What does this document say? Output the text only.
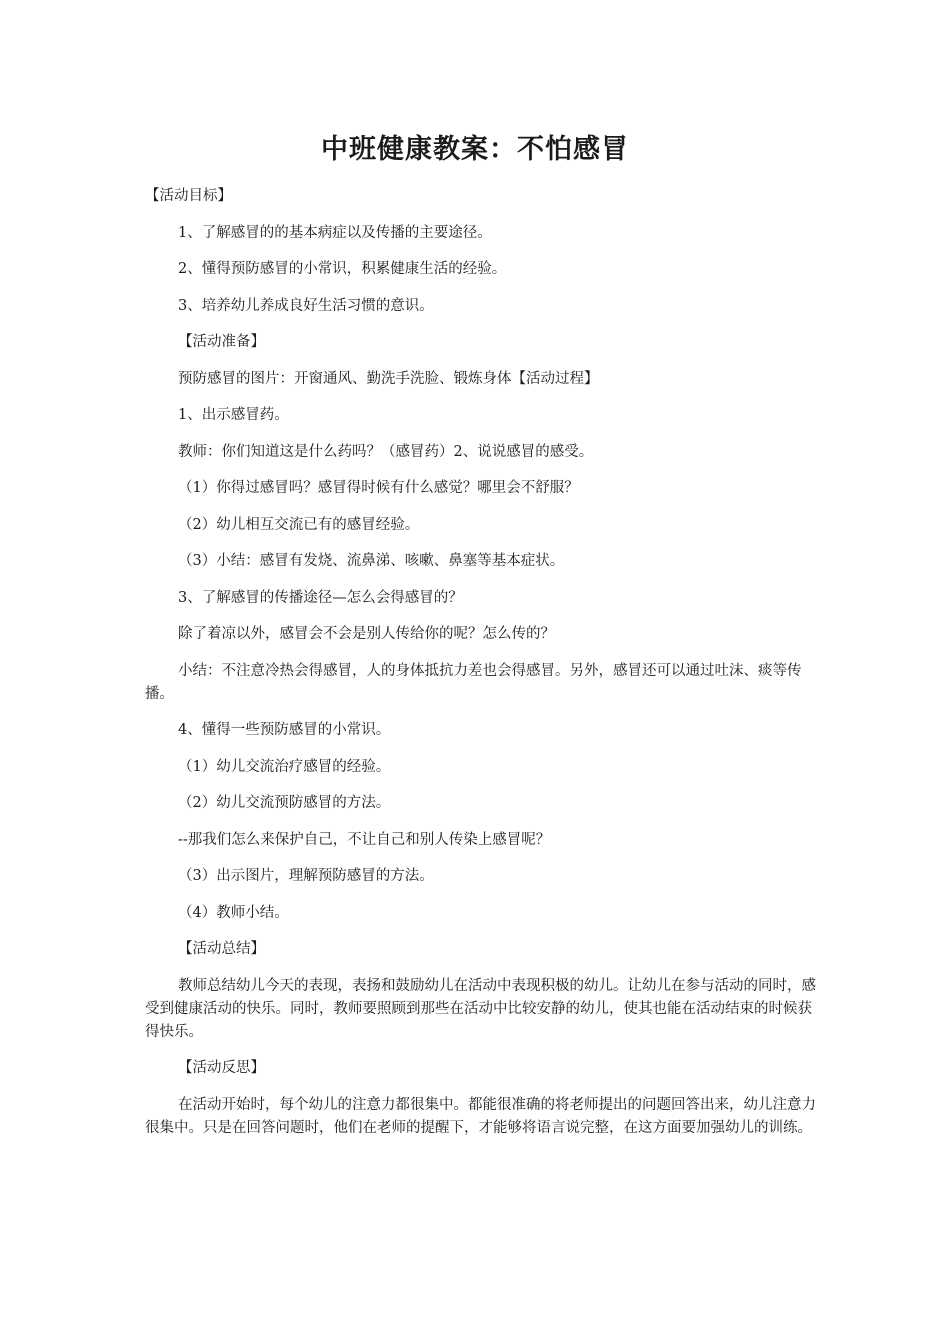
中班健康教案：不怕感冒

【活动目标】

1、了解感冒的的基本病症以及传播的主要途径。

2、懂得预防感冒的小常识，积累健康生活的经验。

3、培养幼儿养成良好生活习惯的意识。

【活动准备】

预防感冒的图片：开窗通风、勤洗手洗脸、锻炼身体【活动过程】

1、出示感冒药。

教师：你们知道这是什么药吗？（感冒药）2、说说感冒的感受。

（1）你得过感冒吗？感冒得时候有什么感觉？哪里会不舒服？

（2）幼儿相互交流已有的感冒经验。

（3）小结：感冒有发烧、流鼻涕、咳嗽、鼻塞等基本症状。

3、了解感冒的传播途径—怎么会得感冒的？

除了着凉以外，感冒会不会是别人传给你的呢？怎么传的？

小结：不注意冷热会得感冒，人的身体抵抗力差也会得感冒。另外，感冒还可以通过吐沫、痰等传播。

4、懂得一些预防感冒的小常识。

（1）幼儿交流治疗感冒的经验。

（2）幼儿交流预防感冒的方法。

--那我们怎么来保护自己，不让自己和别人传染上感冒呢？

（3）出示图片，理解预防感冒的方法。

（4）教师小结。

【活动总结】

教师总结幼儿今天的表现，表扬和鼓励幼儿在活动中表现积极的幼儿。让幼儿在参与活动的同时，感受到健康活动的快乐。同时，教师要照顾到那些在活动中比较安静的幼儿，使其也能在活动结束的时候获得快乐。

【活动反思】

在活动开始时，每个幼儿的注意力都很集中。都能很准确的将老师提出的问题回答出来，幼儿注意力很集中。只是在回答问题时，他们在老师的提醒下，才能够将语言说完整，在这方面要加强幼儿的训练。
